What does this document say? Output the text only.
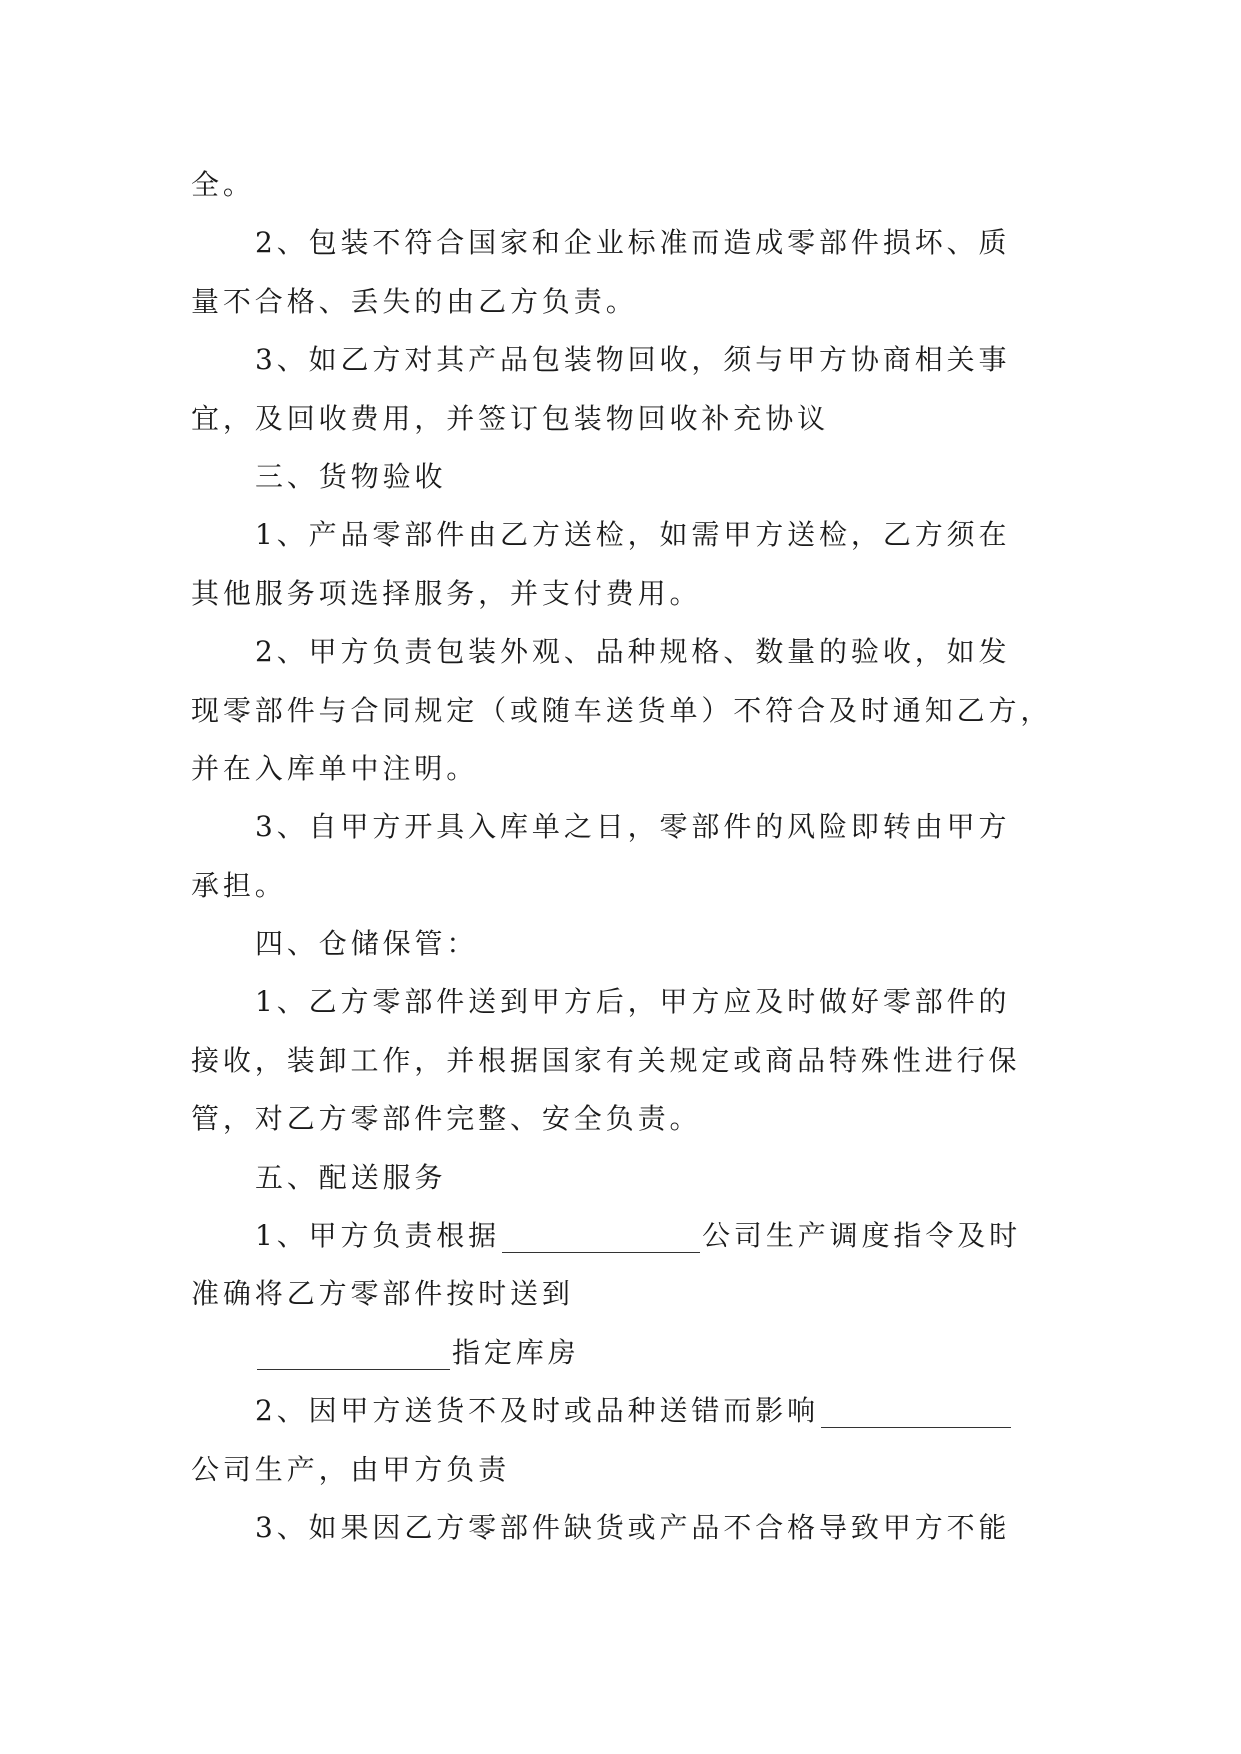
全。
2、包装不符合国家和企业标准而造成零部件损坏、质
量不合格、丢失的由乙方负责。
3、如乙方对其产品包装物回收，须与甲方协商相关事
宜，及回收费用，并签订包装物回收补充协议
三、货物验收
1、产品零部件由乙方送检，如需甲方送检，乙方须在
其他服务项选择服务，并支付费用。
2、甲方负责包装外观、品种规格、数量的验收，如发
现零部件与合同规定（或随车送货单）不符合及时通知乙方，
并在入库单中注明。
3、自甲方开具入库单之日，零部件的风险即转由甲方
承担。
四、仓储保管：
1、乙方零部件送到甲方后，甲方应及时做好零部件的
接收，装卸工作，并根据国家有关规定或商品特殊性进行保
管，对乙方零部件完整、安全负责。
五、配送服务
1、甲方负责根据	公司生产调度指令及时
准确将乙方零部件按时送到
指定库房
2、因甲方送货不及时或品种送错而影响
公司生产，由甲方负责
3、如果因乙方零部件缺货或产品不合格导致甲方不能
